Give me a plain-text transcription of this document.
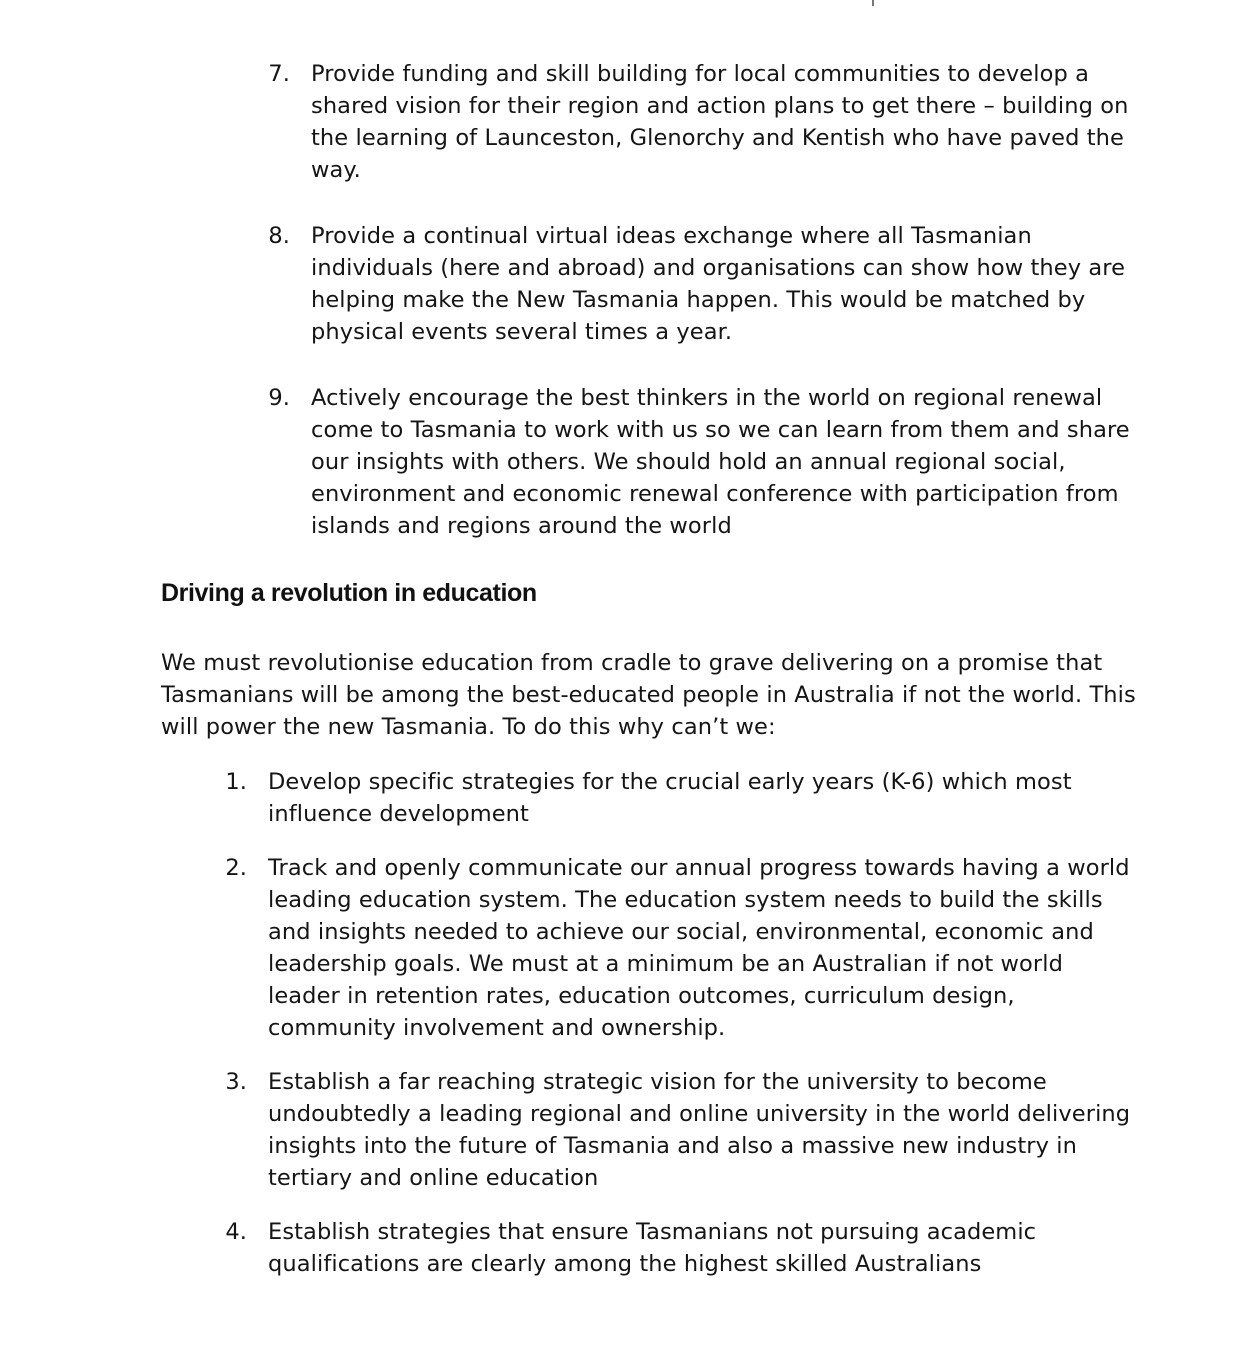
7. Provide funding and skill building for local communities to develop a shared vision for their region and action plans to get there – building on the learning of Launceston, Glenorchy and Kentish who have paved the way.
8. Provide a continual virtual ideas exchange where all Tasmanian individuals (here and abroad) and organisations can show how they are helping make the New Tasmania happen. This would be matched by physical events several times a year.
9. Actively encourage the best thinkers in the world on regional renewal come to Tasmania to work with us so we can learn from them and share our insights with others. We should hold an annual regional social, environment and economic renewal conference with participation from islands and regions around the world
Driving a revolution in education

We must revolutionise education from cradle to grave delivering on a promise that Tasmanians will be among the best-educated people in Australia if not the world. This will power the new Tasmania. To do this why can’t we:

1. Develop specific strategies for the crucial early years (K-6) which most influence development
2. Track and openly communicate our annual progress towards having a world leading education system. The education system needs to build the skills and insights needed to achieve our social, environmental, economic and leadership goals. We must at a minimum be an Australian if not world leader in retention rates, education outcomes, curriculum design, community involvement and ownership.
3. Establish a far reaching strategic vision for the university to become undoubtedly a leading regional and online university in the world delivering insights into the future of Tasmania and also a massive new industry in tertiary and online education
4. Establish strategies that ensure Tasmanians not pursuing academic qualifications are clearly among the highest skilled Australians
